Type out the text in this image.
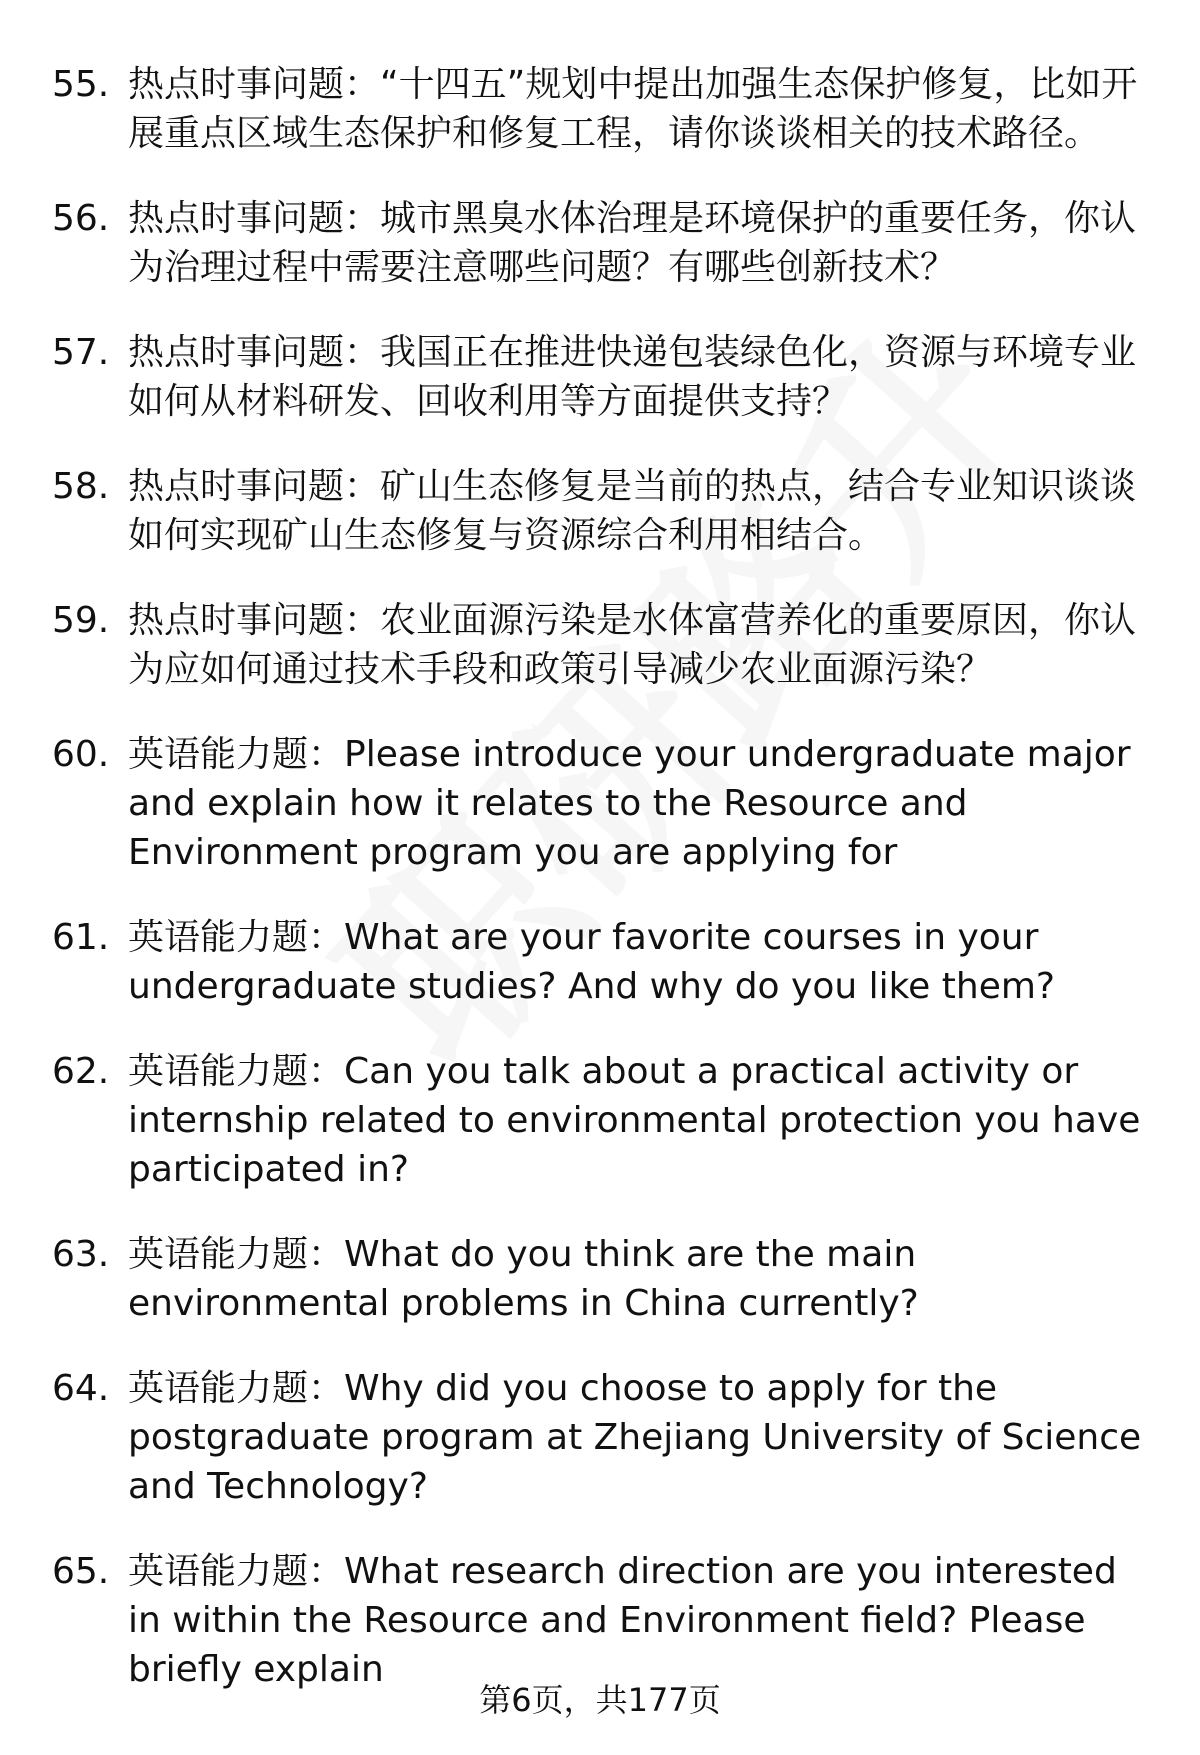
55. 热点时事问题：“十四五”规划中提出加强生态保护修复，比如开展重点区域生态保护和修复工程，请你谈谈相关的技术路径。
56. 热点时事问题：城市黑臭水体治理是环境保护的重要任务，你认为治理过程中需要注意哪些问题？有哪些创新技术？
57. 热点时事问题：我国正在推进快递包装绿色化，资源与环境专业如何从材料研发、回收利用等方面提供支持？
58. 热点时事问题：矿山生态修复是当前的热点，结合专业知识谈谈如何实现矿山生态修复与资源综合利用相结合。
59. 热点时事问题：农业面源污染是水体富营养化的重要原因，你认为应如何通过技术手段和政策引导减少农业面源污染？
60. 英语能力题：Please introduce your undergraduate major and explain how it relates to the Resource and Environment program you are applying for
61. 英语能力题：What are your favorite courses in your undergraduate studies? And why do you like them?
62. 英语能力题：Can you talk about a practical activity or internship related to environmental protection you have participated in?
63. 英语能力题：What do you think are the main environmental problems in China currently?
64. 英语能力题：Why did you choose to apply for the postgraduate program at Zhejiang University of Science and Technology?
65. 英语能力题：What research direction are you interested in within the Resource and Environment field? Please briefly explain
第6页，共177页
